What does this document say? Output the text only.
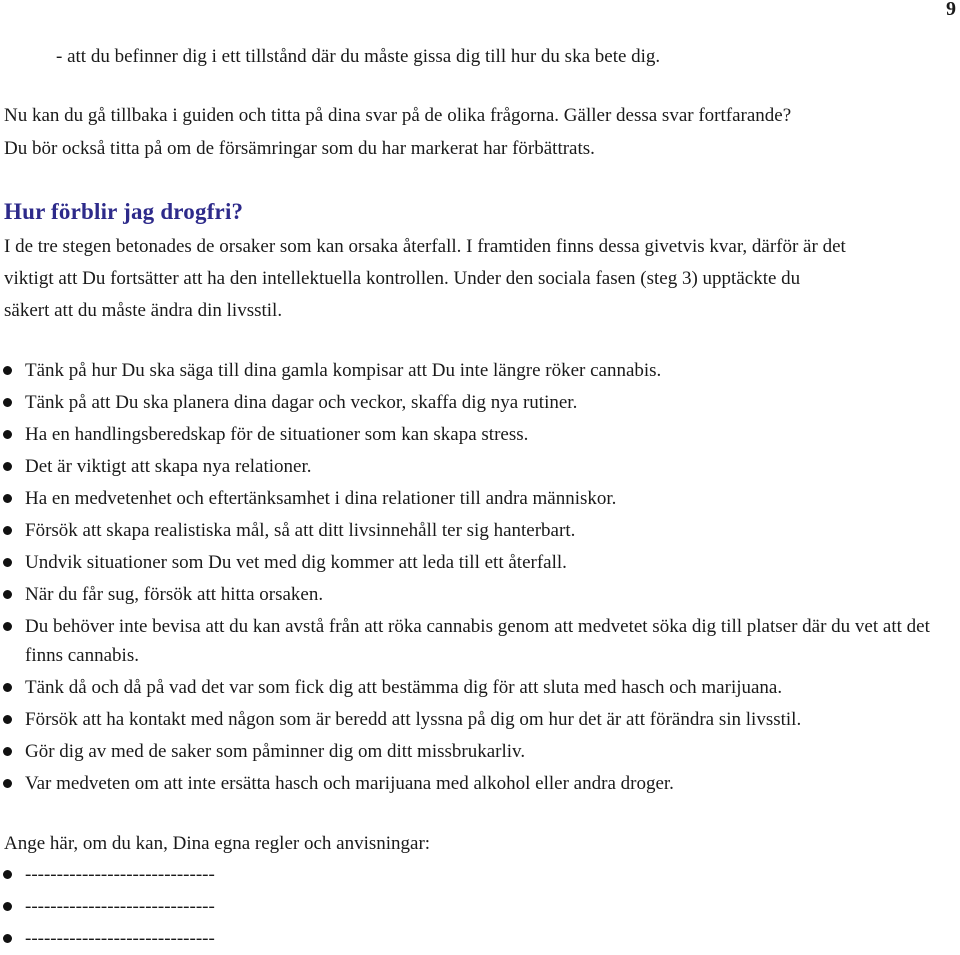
9
- att du befinner dig i ett tillstånd där du måste gissa dig till hur du ska bete dig.
Nu kan du gå tillbaka i guiden och titta på dina svar på de olika frågorna. Gäller dessa svar fortfarande?
Du bör också titta på om de försämringar som du har markerat har förbättrats.
Hur förblir jag drogfri?
I de tre stegen betonades de orsaker som kan orsaka återfall. I framtiden finns dessa givetvis kvar, därför är det
viktigt att Du fortsätter att ha den intellektuella kontrollen. Under den sociala fasen (steg 3) upptäckte du
säkert att du måste ändra din livsstil.
Tänk på hur Du ska säga till dina gamla kompisar att Du inte längre röker cannabis.
Tänk på att Du ska planera dina dagar och veckor, skaffa dig nya rutiner.
Ha en handlingsberedskap för de situationer som kan skapa stress.
Det är viktigt att skapa nya relationer.
Ha en medvetenhet och eftertänksamhet i dina relationer till andra människor.
Försök att skapa realistiska mål, så att ditt livsinnehåll ter sig hanterbart.
Undvik situationer som Du vet med dig kommer att leda till ett återfall.
När du får sug, försök att hitta orsaken.
Du behöver inte bevisa att du kan avstå från att röka cannabis genom att medvetet söka dig till platser där du vet att det finns cannabis.
Tänk då och då på vad det var som fick dig att bestämma dig för att sluta med hasch och marijuana.
Försök att ha kontakt med någon som är beredd att lyssna på dig om hur det är att förändra sin livsstil.
Gör dig av med de saker som påminner dig om ditt missbrukarliv.
Var medveten om att inte ersätta hasch och marijuana med alkohol eller andra droger.
Ange här, om du kan, Dina egna regler och anvisningar:
------------------------------
------------------------------
------------------------------
